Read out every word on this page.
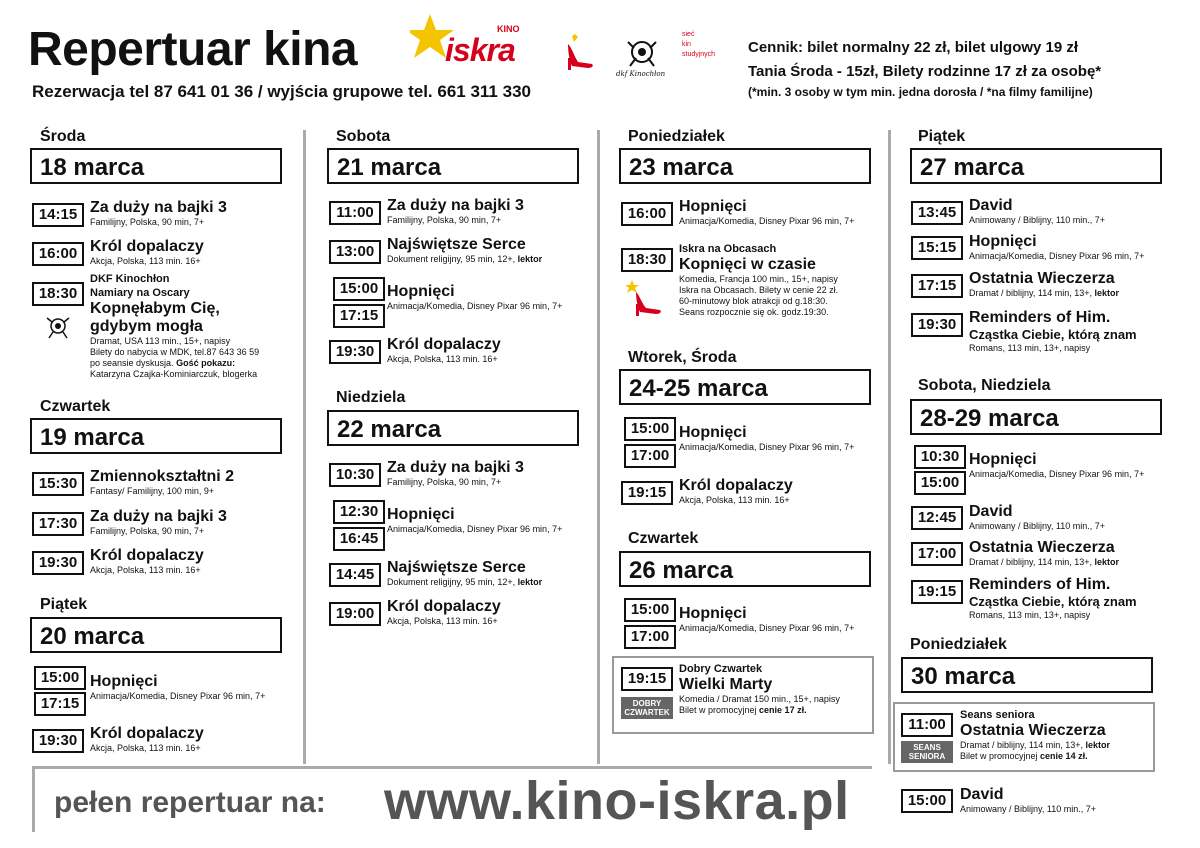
Repertuar kina
Rezerwacja tel 87 641 01 36 / wyjścia grupowe tel. 661 311 330
KINO
iskra
dkf Kinochłon
sieć
kin
studyjnych Cennik: bilet normalny 22 zł, bilet ulgowy 19 zł
Tania Środa - 15zł, Bilety rodzinne 17 zł za osobę*
(*min. 3 osoby w tym min. jedna dorosła / *na filmy familijne)
Środa
18 marca
14:15 Za duży na bajki 3
Familijny, Polska, 90 min, 7+
16:00 Król dopalaczy
Akcja, Polska, 113 min. 16+
18:30
DKF Kinochłon
Namiary na Oscary
Kopnęłabym Cię,
gdybym mogła
Dramat, USA 113 min., 15+, napisy
Bilety do nabycia w MDK, tel.87 643 36 59
po seansie dyskusja. Gość pokazu:
Katarzyna Czajka-Kominiarczuk, blogerka
Czwartek
19 marca
15:30 Zmiennokształtni 2
Fantasy/ Familijny, 100 min, 9+
17:30 Za duży na bajki 3
Familijny, Polska, 90 min, 7+
19:30 Król dopalaczy
Akcja, Polska, 113 min. 16+
Piątek
20 marca
15:00
17:15
Hopnięci
Animacja/Komedia, Disney Pixar 96 min, 7+
19:30 Król dopalaczy
Akcja, Polska, 113 min. 16+
Sobota
21 marca
11:00 Za duży na bajki 3
Familijny, Polska, 90 min, 7+
13:00 Najświętsze Serce
Dokument religijny, 95 min, 12+, lektor
15:00
17:15
Hopnięci
Animacja/Komedia, Disney Pixar 96 min, 7+
19:30 Król dopalaczy
Akcja, Polska, 113 min. 16+
Niedziela
22 marca
10:30 Za duży na bajki 3
Familijny, Polska, 90 min, 7+
12:30
16:45
Hopnięci
Animacja/Komedia, Disney Pixar 96 min, 7+
14:45 Najświętsze Serce
Dokument religijny, 95 min, 12+, lektor
19:00 Król dopalaczy
Akcja, Polska, 113 min. 16+
Poniedziałek
23 marca
16:00 Hopnięci
Animacja/Komedia, Disney Pixar 96 min, 7+
18:30
Iskra na Obcasach
Kopnięci w czasie
Komedia, Francja 100 min., 15+, napisy
Iskra na Obcasach. Bilety w cenie 22 zł.
60-minutowy blok atrakcji od g.18:30.
Seans rozpocznie się ok. godz.19:30.
Wtorek, Środa
24-25 marca
15:00
17:00
Hopnięci
Animacja/Komedia, Disney Pixar 96 min, 7+
19:15 Król dopalaczy
Akcja, Polska, 113 min. 16+
Czwartek
26 marca
15:00
17:00
Hopnięci
Animacja/Komedia, Disney Pixar 96 min, 7+
19:15
DOBRY
CZWARTEK
Dobry Czwartek
Wielki Marty
Komedia / Dramat 150 min., 15+, napisy
Bilet w promocyjnej cenie 17 zł.
Piątek
27 marca
13:45 David
Animowany / Biblijny, 110 min., 7+
15:15 Hopnięci
Animacja/Komedia, Disney Pixar 96 min, 7+
17:15 Ostatnia Wieczerza
Dramat / biblijny, 114 min, 13+, lektor
19:30 Reminders of Him.
Cząstka Ciebie, którą znam
Romans, 113 min, 13+, napisy
Sobota, Niedziela
28-29 marca
10:30
15:00
Hopnięci
Animacja/Komedia, Disney Pixar 96 min, 7+
12:45 David
Animowany / Biblijny, 110 min., 7+
17:00 Ostatnia Wieczerza
Dramat / biblijny, 114 min, 13+, lektor
19:15 Reminders of Him.
Cząstka Ciebie, którą znam
Romans, 113 min, 13+, napisy
Poniedziałek
30 marca
11:00
SEANS
SENIORA
Seans seniora
Ostatnia Wieczerza
Dramat / biblijny, 114 min, 13+, lektor
Bilet w promocyjnej cenie 14 zł.
15:00 David
Animowany / Biblijny, 110 min., 7+
pełen repertuar na: www.kino-iskra.pl
